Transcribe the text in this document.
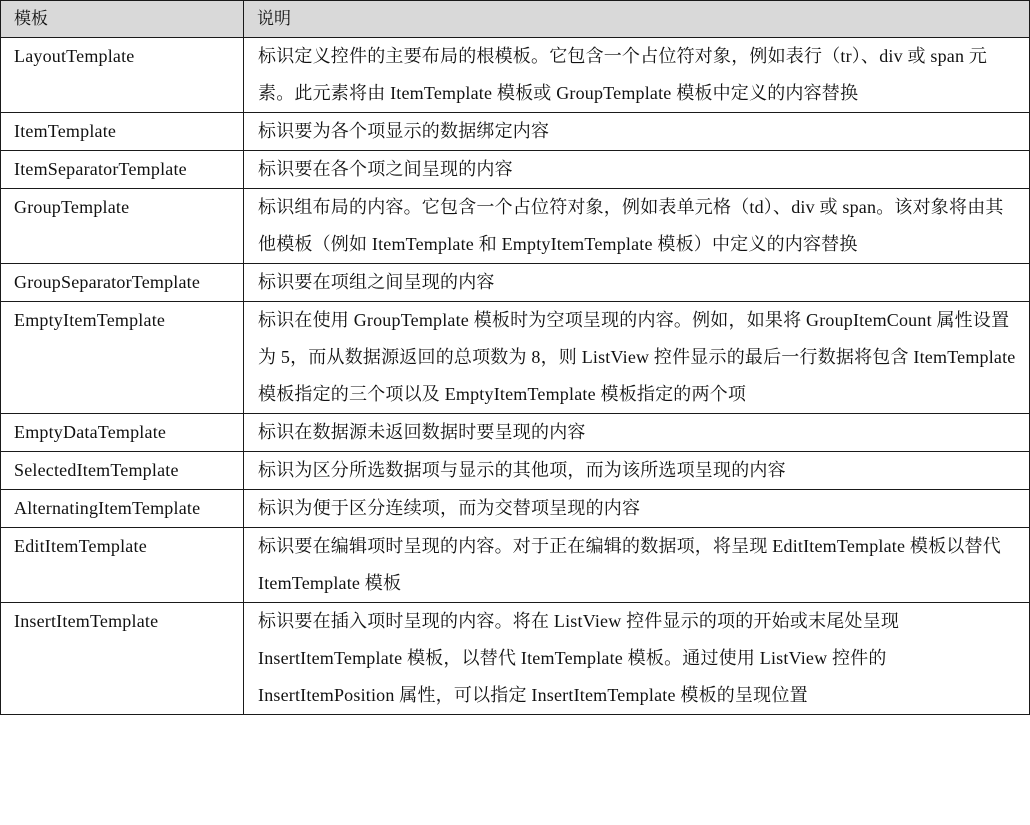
模板	说明
LayoutTemplate	标识定义控件的主要布局的根模板。它包含一个占位符对象，例如表行（tr）、div 或 span 元素。此元素将由 ItemTemplate 模板或 GroupTemplate 模板中定义的内容替换
ItemTemplate	标识要为各个项显示的数据绑定内容
ItemSeparatorTemplate	标识要在各个项之间呈现的内容
GroupTemplate	标识组布局的内容。它包含一个占位符对象，例如表单元格（td）、div 或 span。该对象将由其他模板（例如 ItemTemplate 和 EmptyItemTemplate 模板）中定义的内容替换
GroupSeparatorTemplate	标识要在项组之间呈现的内容
EmptyItemTemplate	标识在使用 GroupTemplate 模板时为空项呈现的内容。例如，如果将 GroupItemCount 属性设置为 5，而从数据源返回的总项数为 8，则 ListView 控件显示的最后一行数据将包含 ItemTemplate 模板指定的三个项以及 EmptyItemTemplate 模板指定的两个项
EmptyDataTemplate	标识在数据源未返回数据时要呈现的内容
SelectedItemTemplate	标识为区分所选数据项与显示的其他项，而为该所选项呈现的内容
AlternatingItemTemplate	标识为便于区分连续项，而为交替项呈现的内容
EditItemTemplate	标识要在编辑项时呈现的内容。对于正在编辑的数据项，将呈现 EditItemTemplate 模板以替代 ItemTemplate 模板
InsertItemTemplate	标识要在插入项时呈现的内容。将在 ListView 控件显示的项的开始或末尾处呈现 InsertItemTemplate 模板，以替代 ItemTemplate 模板。通过使用 ListView 控件的 InsertItemPosition 属性，可以指定 InsertItemTemplate 模板的呈现位置
